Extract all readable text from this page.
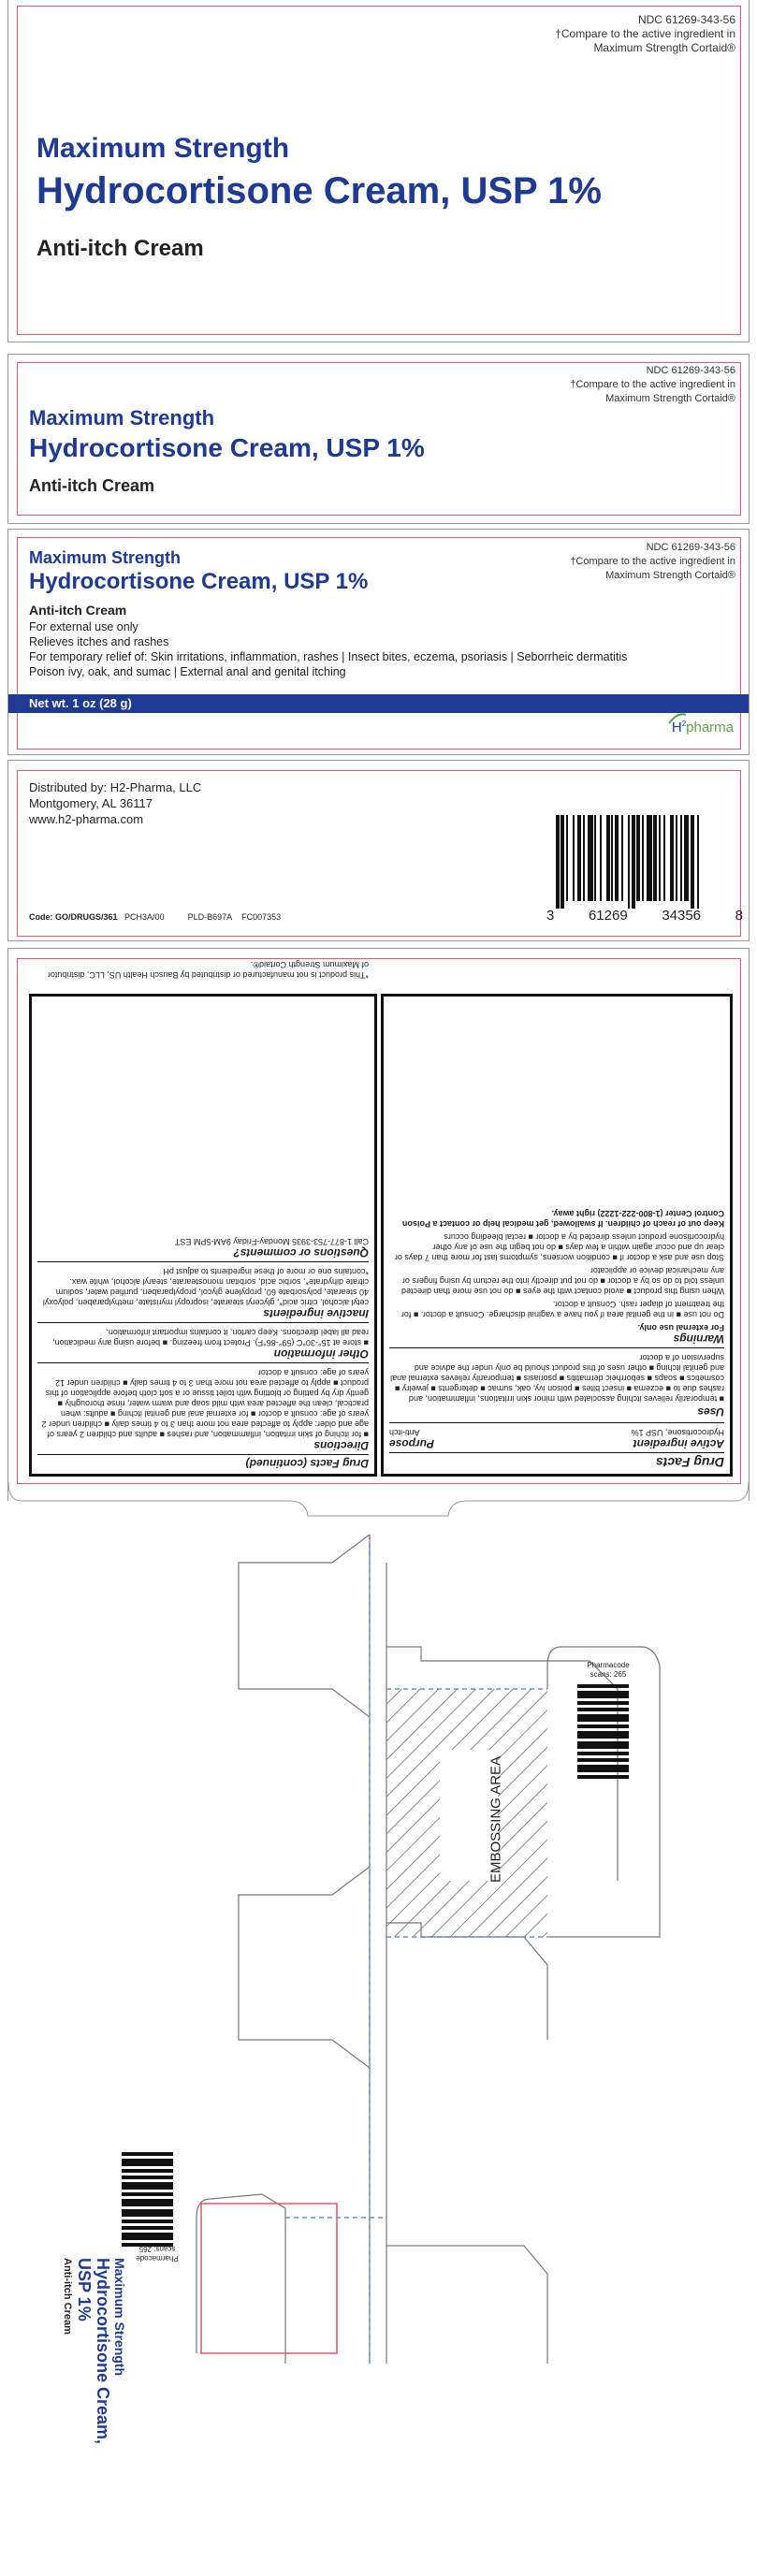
NDC 61269-343-56
†Compare to the active ingredient in
Maximum Strength Cortaid®
Maximum Strength
Hydrocortisone Cream, USP 1%
Anti-itch Cream
NDC 61269-343-56
†Compare to the active ingredient in
Maximum Strength Cortaid®
Maximum Strength
Hydrocortisone Cream, USP 1%
Anti-itch Cream
NDC 61269-343-56
†Compare to the active ingredient in
Maximum Strength Cortaid®
Maximum Strength
Hydrocortisone Cream, USP 1%
Anti-itch Cream
For external use only
Relieves itches and rashes
For temporary relief of: Skin irritations, inflammation, rashes | Insect bites, eczema, psoriasis | Seborrheic dermatitis
Poison ivy, oak, and sumac | External anal and genital itching
Net wt. 1 oz (28 g)
$H^2pharma$
Distributed by: H2-Pharma, LLC
Montgomery, AL 36117
www.h2-pharma.com
Code: GO/DRUGS/361 PCH3A/00	PLD-B697A FC007353	3 61269 34356 8
Drug Facts
Active ingredient
Purpose
Hydrocortisone, USP 1%
Anti-itch
Uses
■ temporarily relieves itching associated with minor skin irritations, inflammation, and rashes due to ■ eczema ■ insect bites ■ poison ivy, oak, sumac ■ detergents ■ jewelry ■ cosmetics ■ soaps ■ seborrheic dermatitis ■ psoriasis ■ temporarily relieves external anal and genital itching ■ other uses of this product should be only under the advice and supervision of a doctor
Warnings
For external use only.
Do not use ■ in the genital area if you have a vaginal discharge. Consult a doctor. ■ for the treatment of diaper rash. Consult a doctor.
When using this product ■ avoid contact with the eyes ■ do not use more than directed unless told to do so by a doctor ■ do not put directly into the rectum by using fingers or any mechanical device or applicator
Stop use and ask a doctor if ■ condition worsens, symptoms last for more than 7 days or clear up and occur again within a few days ■ do not begin the use of any other hydrocortisone product unless directed by a doctor ■ rectal bleeding occurs
Keep out of reach of children. If swallowed, get medical help or contact a Poison Control Center (1-800-222-1222) right away.
Drug Facts (continued)
Directions
■ for itching of skin irritation, inflammation, and rashes ■ adults and children 2 years of age and older: apply to affected area not more than 3 to 4 times daily ■ children under 2 years of age: consult a doctor ■ for external anal and genital itching ■ adults: when practical, clean the affected area with mild soap and warm water, rinse thoroughly ■ gently dry by patting or blotting with toilet tissue or a soft cloth before application of this product ■ apply to affected area not more than 3 to 4 times daily ■ children under 12 years of age: consult a doctor
Other information
■ store at 15°-30°C (59°-86°F). Protect from freezing. ■ before using any medication, read all label directions. Keep carton, it contains important information.
Inactive ingredients
cetyl alcohol, citric acid*, glyceryl stearate, isopropyl myristate, methylparaben, polyoxyl 40 stearate, polysorbate 60, propylene glycol, propylparaben, purified water, sodium citrate dihydrate*, sorbic acid, sorbitan monostearate, stearyl alcohol, white wax. *contains one or more of these ingredients to adjust pH
Questions or comments?
Call 1-877-753-3935 Monday-Friday 9AM-5PM EST
*This product is not manufactured or distributed by Bausch Health US, LLC, distributor of Maximum Strength Cortaid®.
EMBOSSING AREA
Pharmacode
scans: 265
Pharmacode
scans: 265
Maximum Strength
Hydrocortisone Cream,
USP 1%
Anti-itch Cream
